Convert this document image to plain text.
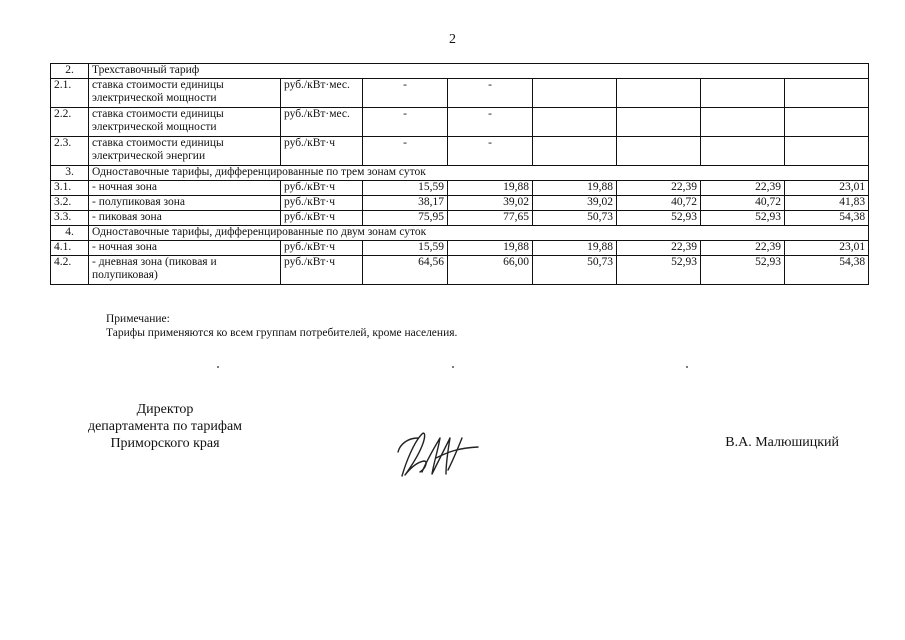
2
2.	Трехставочный тариф							
2.1.	ставка стоимости единицы электрической мощности	руб./кВт·мес.	-	-				
2.2.	ставка стоимости единицы электрической мощности	руб./кВт·мес.	-	-				
2.3.	ставка стоимости единицы электрической энергии	руб./кВт·ч	-	-				
3.	Одноставочные тарифы, дифференцированные по трем зонам суток							
3.1.	- ночная зона	руб./кВт·ч	15,59	19,88	19,88	22,39	22,39	23,01
3.2.	- полупиковая зона	руб./кВт·ч	38,17	39,02	39,02	40,72	40,72	41,83
3.3.	- пиковая зона	руб./кВт·ч	75,95	77,65	50,73	52,93	52,93	54,38
4.	Одноставочные тарифы, дифференцированные по двум зонам суток							
4.1.	- ночная зона	руб./кВт·ч	15,59	19,88	19,88	22,39	22,39	23,01
4.2.	- дневная зона (пиковая и полупиковая)	руб./кВт·ч	64,56	66,00	50,73	52,93	52,93	54,38
Примечание:
Тарифы применяются ко всем группам потребителей, кроме населения.
Директор
департамента по тарифам
Приморского края	В.А. Малюшицкий
